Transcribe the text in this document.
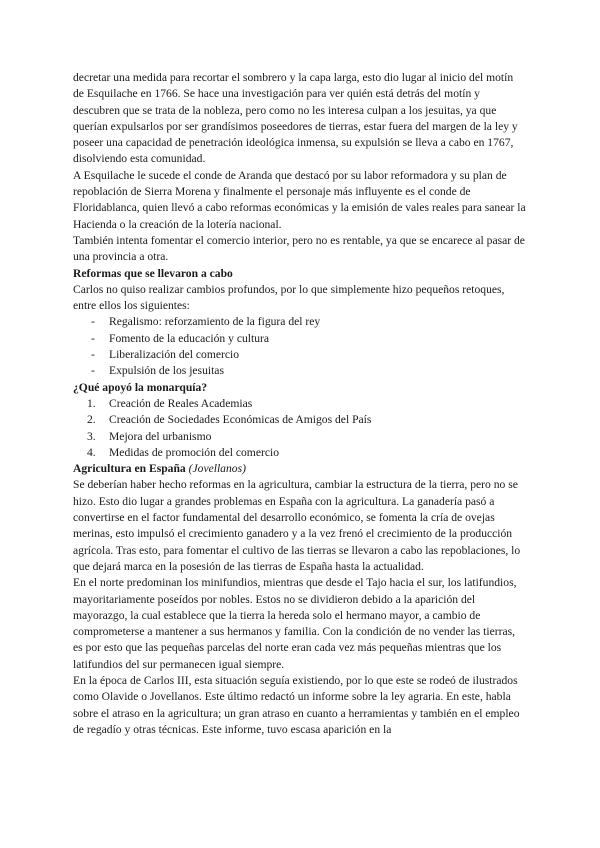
decretar una medida para recortar el sombrero y la capa larga, esto dio lugar al inicio del motín de Esquilache en 1766. Se hace una investigación para ver quién está detrás del motín y descubren que se trata de la nobleza, pero como no les interesa culpan a los jesuitas, ya que querían expulsarlos por ser grandísimos poseedores de tierras, estar fuera del margen de la ley y poseer una capacidad de penetración ideológica inmensa, su expulsión se lleva a cabo en 1767, disolviendo esta comunidad.

A Esquilache le sucede el conde de Aranda que destacó por su labor reformadora y su plan de repoblación de Sierra Morena y finalmente el personaje más influyente es el conde de Floridablanca, quien llevó a cabo reformas económicas y la emisión de vales reales para sanear la Hacienda o la creación de la lotería nacional.

También intenta fomentar el comercio interior, pero no es rentable, ya que se encarece al pasar de una provincia a otra.

Reformas que se llevaron a cabo

Carlos no quiso realizar cambios profundos, por lo que simplemente hizo pequeños retoques, entre ellos los siguientes:

- Regalismo: reforzamiento de la figura del rey
- Fomento de la educación y cultura
- Liberalización del comercio
- Expulsión de los jesuitas

¿Qué apoyó la monarquía?

1. Creación de Reales Academias
2. Creación de Sociedades Económicas de Amigos del País
3. Mejora del urbanismo
4. Medidas de promoción del comercio

Agricultura en España (Jovellanos)

Se deberían haber hecho reformas en la agricultura, cambiar la estructura de la tierra, pero no se hizo. Esto dio lugar a grandes problemas en España con la agricultura. La ganadería pasó a convertirse en el factor fundamental del desarrollo económico, se fomenta la cría de ovejas merinas, esto impulsó el crecimiento ganadero y a la vez frenó el crecimiento de la producción agrícola. Tras esto, para fomentar el cultivo de las tierras se llevaron a cabo las repoblaciones, lo que dejará marca en la posesión de las tierras de España hasta la actualidad.

En el norte predominan los minifundios, mientras que desde el Tajo hacia el sur, los latifundios, mayoritariamente poseídos por nobles. Estos no se dividieron debido a la aparición del mayorazgo, la cual establece que la tierra la hereda solo el hermano mayor, a cambio de comprometerse a mantener a sus hermanos y familia. Con la condición de no vender las tierras, es por esto que las pequeñas parcelas del norte eran cada vez más pequeñas mientras que los latifundios del sur permanecen igual siempre.

En la época de Carlos III, esta situación seguía existiendo, por lo que este se rodeó de ilustrados como Olavide o Jovellanos. Este último redactó un informe sobre la ley agraria. En este, habla sobre el atraso en la agricultura; un gran atraso en cuanto a herramientas y también en el empleo de regadío y otras técnicas. Este informe, tuvo escasa aparición en la
